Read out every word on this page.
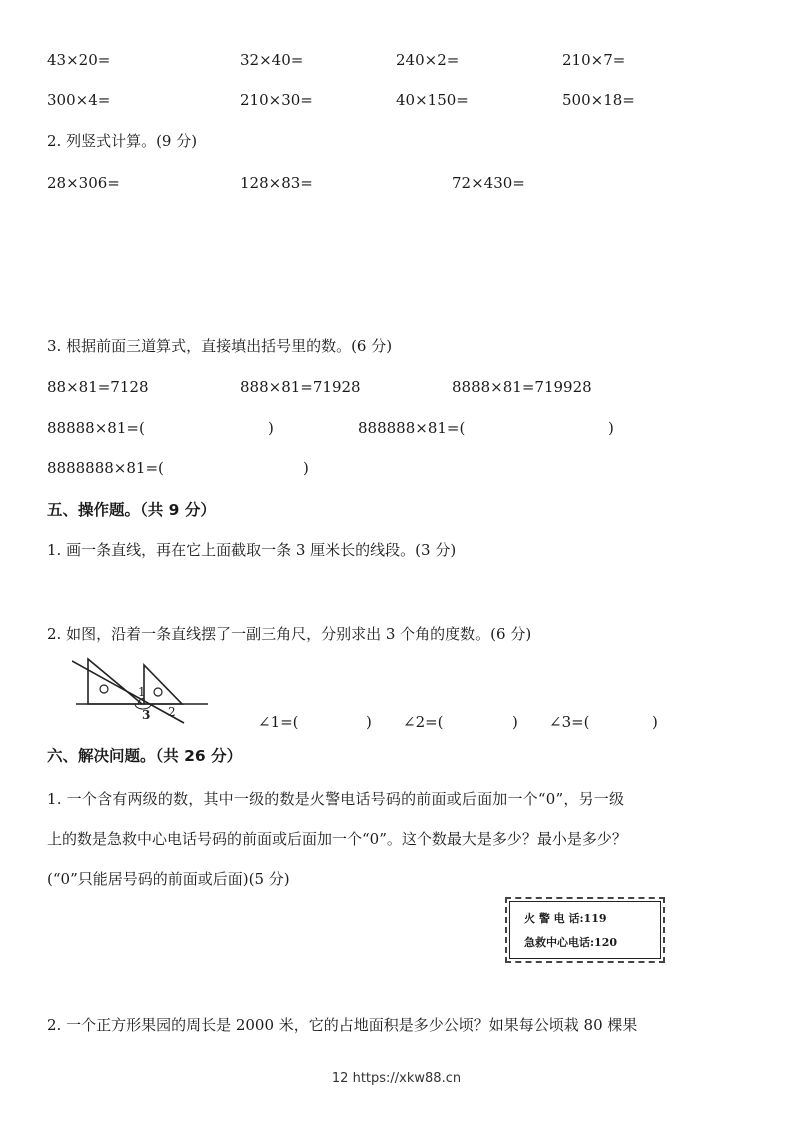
43×20=	32×40=	240×2=	210×7=
300×4=	210×30=	40×150=	500×18=
2. 列竖式计算。(9 分)
28×306=	128×83=	72×430=
3. 根据前面三道算式，直接填出括号里的数。(6 分)
88×81=7128	888×81=71928	8888×81=719928
88888×81=(	)	888888×81=(	)
8888888×81=(	)
五、操作题。（共 9 分）
1. 画一条直线，再在它上面截取一条 3 厘米长的线段。(3 分)
2. 如图，沿着一条直线摆了一副三角尺，分别求出 3 个角的度数。(6 分)
1
2
3	∠1=(	) ∠2=(	) ∠3=(	)
六、解决问题。（共 26 分）
1. 一个含有两级的数，其中一级的数是火警电话号码的前面或后面加一个“0”，另一级
上的数是急救中心电话号码的前面或后面加一个“0”。这个数最大是多少？最小是多少？
(“0”只能居号码的前面或后面)(5 分)
火 警 电 话:119
急救中心电话:120
2. 一个正方形果园的周长是 2000 米，它的占地面积是多少公顷？如果每公顷栽 80 棵果
12 https://xkw88.cn
